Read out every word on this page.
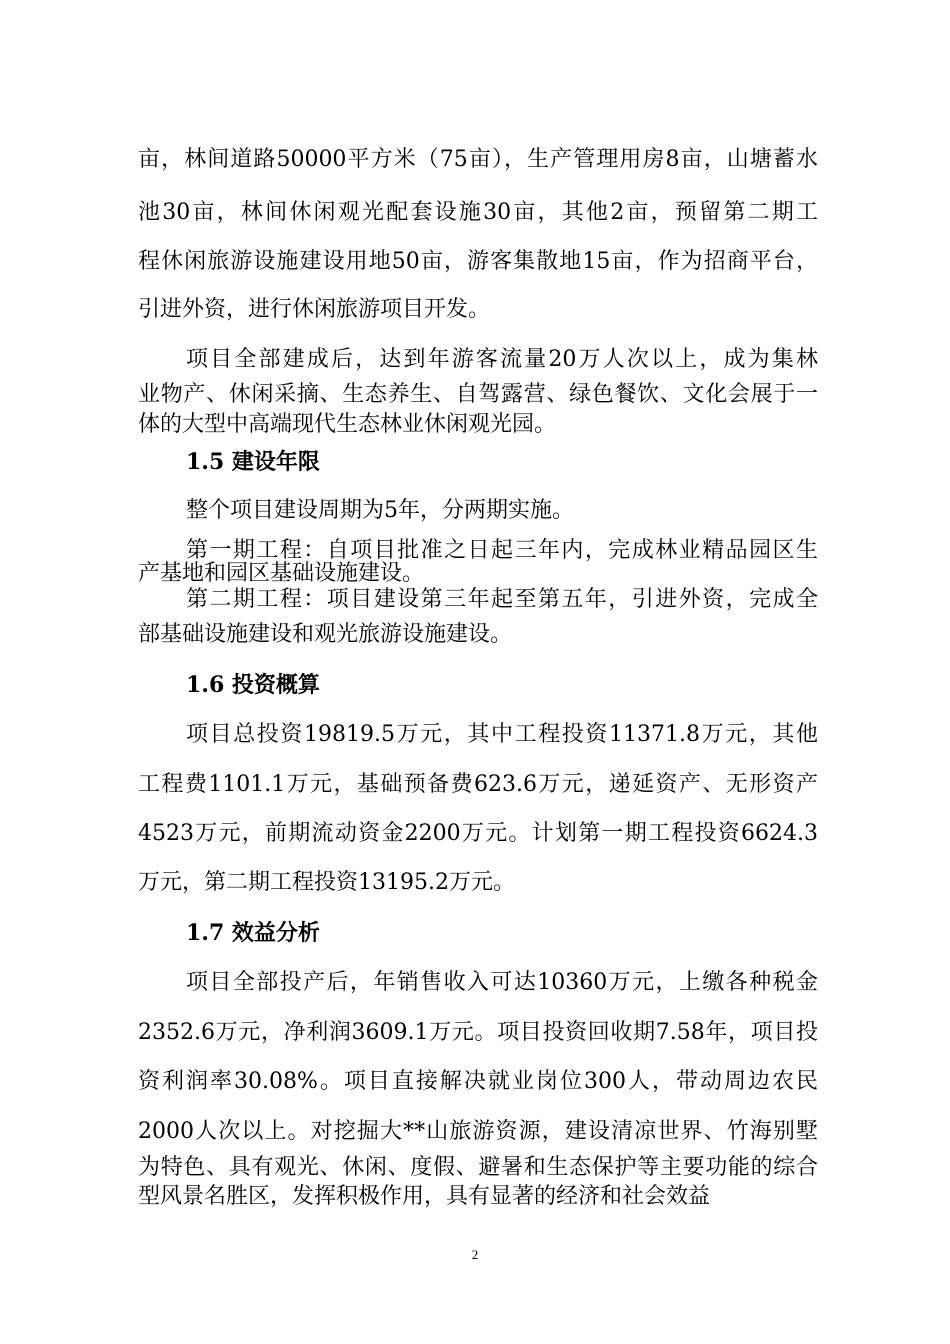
亩，林间道路50000平方米（75亩），生产管理用房8亩，山塘蓄水
池30亩，林间休闲观光配套设施30亩，其他2亩，预留第二期工
程休闲旅游设施建设用地50亩，游客集散地15亩，作为招商平台，
引进外资，进行休闲旅游项目开发。
项目全部建成后，达到年游客流量20万人次以上，成为集林
业物产、休闲采摘、生态养生、自驾露营、绿色餐饮、文化会展于一
体的大型中高端现代生态林业休闲观光园。
1.5 建设年限
整个项目建设周期为5年，分两期实施。
第一期工程：自项目批准之日起三年内，完成林业精品园区生
产基地和园区基础设施建设。
第二期工程：项目建设第三年起至第五年，引进外资，完成全
部基础设施建设和观光旅游设施建设。
1.6 投资概算
项目总投资19819.5万元，其中工程投资11371.8万元，其他
工程费1101.1万元，基础预备费623.6万元，递延资产、无形资产
4523万元，前期流动资金2200万元。计划第一期工程投资6624.3
万元，第二期工程投资13195.2万元。
1.7 效益分析
项目全部投产后，年销售收入可达10360万元，上缴各种税金
2352.6万元，净利润3609.1万元。项目投资回收期7.58年，项目投
资利润率30.08%。项目直接解决就业岗位300人，带动周边农民
2000人次以上。对挖掘大**山旅游资源，建设清凉世界、竹海别墅
为特色、具有观光、休闲、度假、避暑和生态保护等主要功能的综合
型风景名胜区，发挥积极作用，具有显著的经济和社会效益
2
